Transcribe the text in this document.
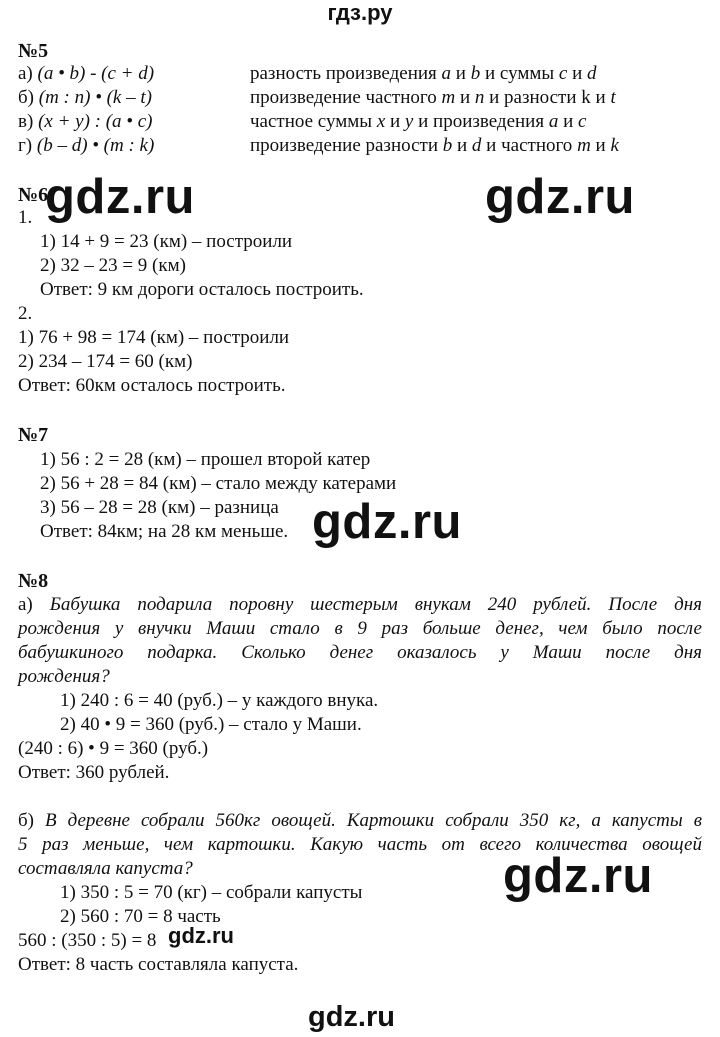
гдз.ру
№5
а) (a • b) - (c + d)	разность произведения a и b и суммы c и d
б) (m : n) • (k – t)	произведение частного m и n и разности k и t
в) (x + y) : (a • c)	частное суммы x и y и произведения a и c
г) (b – d) • (m : k)	произведение разности b и d и частного m и k
№6
1.
1) 14 + 9 = 23 (км) – построили
2) 32 – 23 = 9 (км)
Ответ: 9 км дороги осталось построить.
2.
1) 76 + 98 = 174 (км) – построили
2) 234 – 174 = 60 (км)
Ответ: 60км осталось построить.
№7
1) 56 : 2 = 28 (км) – прошел второй катер
2) 56 + 28 = 84 (км) – стало между катерами
3) 56 – 28 = 28 (км) – разница
Ответ: 84км; на 28 км меньше.
№8
а) Бабушка подарила поровну шестерым внукам 240 рублей. После дня
рождения у внучки Маши стало в 9 раз больше денег, чем было после
бабушкиного подарка. Сколько денег оказалось у Маши после дня
рождения?
1) 240 : 6 = 40 (руб.) – у каждого внука.
2) 40 • 9 = 360 (руб.) – стало у Маши.
(240 : 6) • 9 = 360 (руб.)
Ответ: 360 рублей.
б) В деревне собрали 560кг овощей. Картошки собрали 350 кг, а капусты в
5 раз меньше, чем картошки. Какую часть от всего количества овощей
составляла капуста?
1) 350 : 5 = 70 (кг) – собрали капусты
2) 560 : 70 = 8 часть
560 : (350 : 5) = 8
Ответ: 8 часть составляла капуста.
gdz.ru	gdz.ru
gdz.ru
gdz.ru
gdz.ru
gdz.ru
